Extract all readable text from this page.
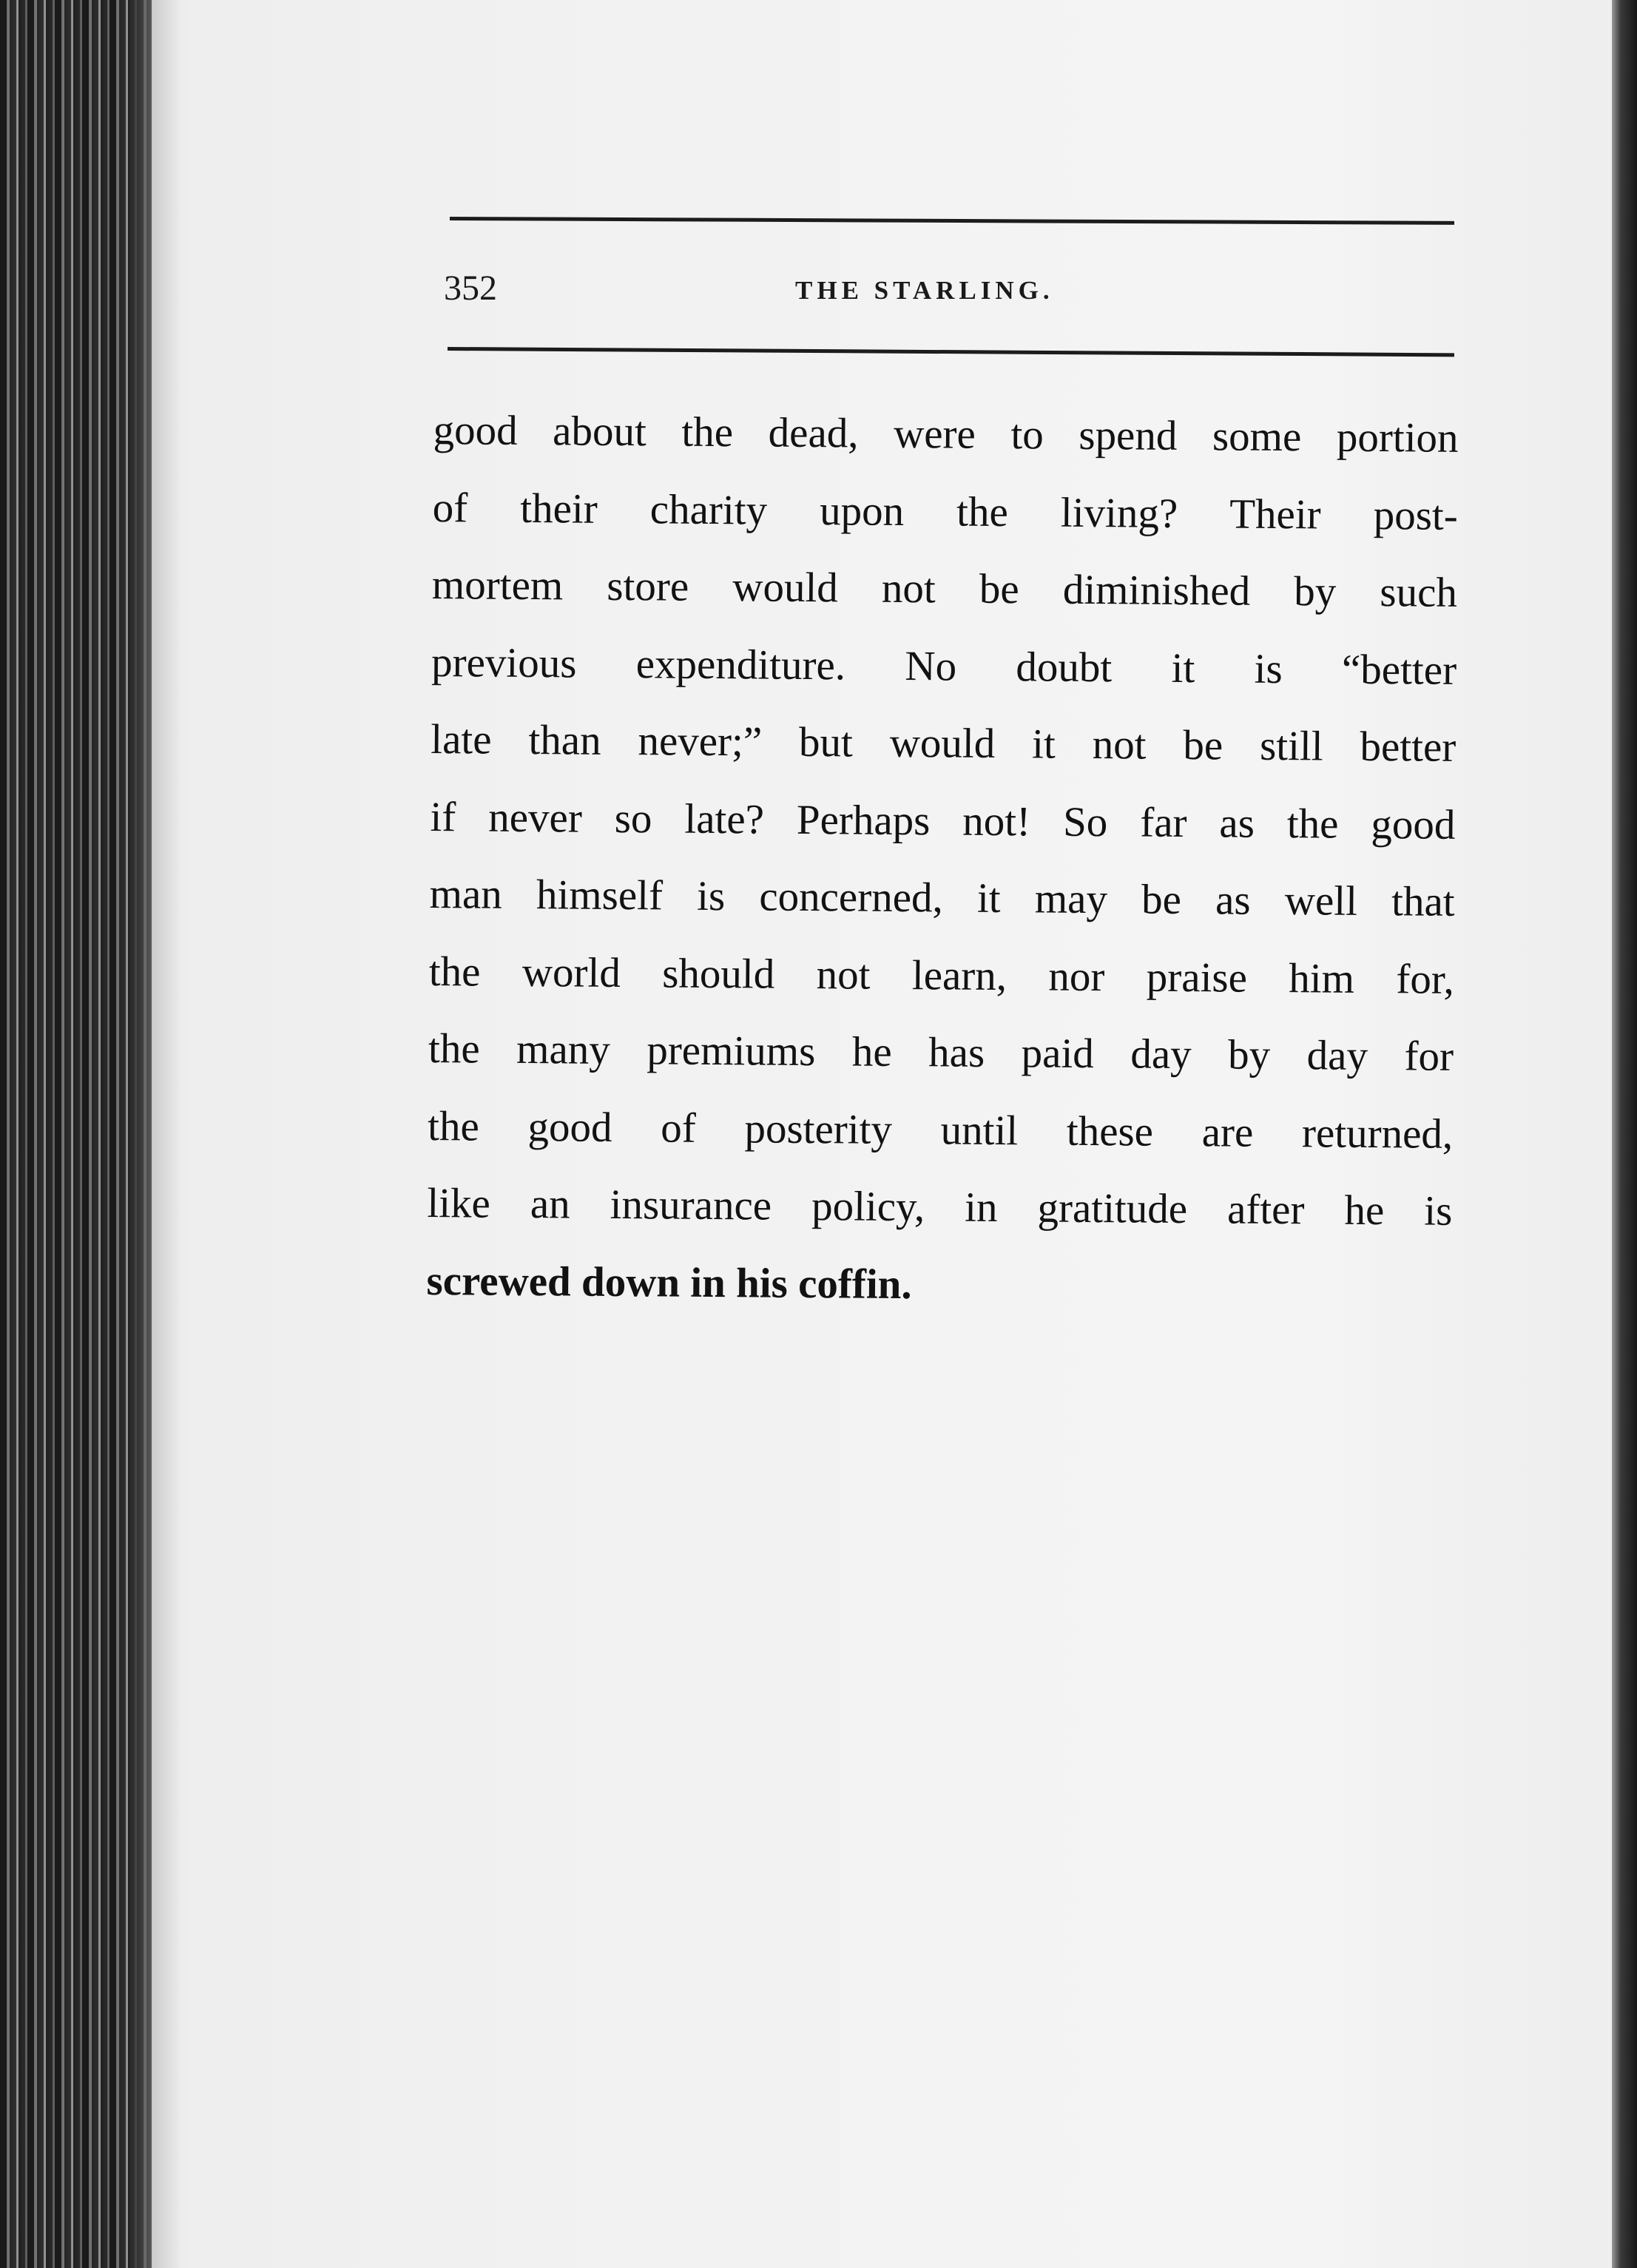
352	THE STARLING.
good about the dead, were to spend some portion
of their charity upon the living? Their post-
mortem store would not be diminished by such
previous expenditure. No doubt it is “better
late than never;” but would it not be still better
if never so late? Perhaps not! So far as the good
man himself is concerned, it may be as well that
the world should not learn, nor praise him for,
the many premiums he has paid day by day for
the good of posterity until these are returned,
like an insurance policy, in gratitude after he is
screwed down in his coffin.
